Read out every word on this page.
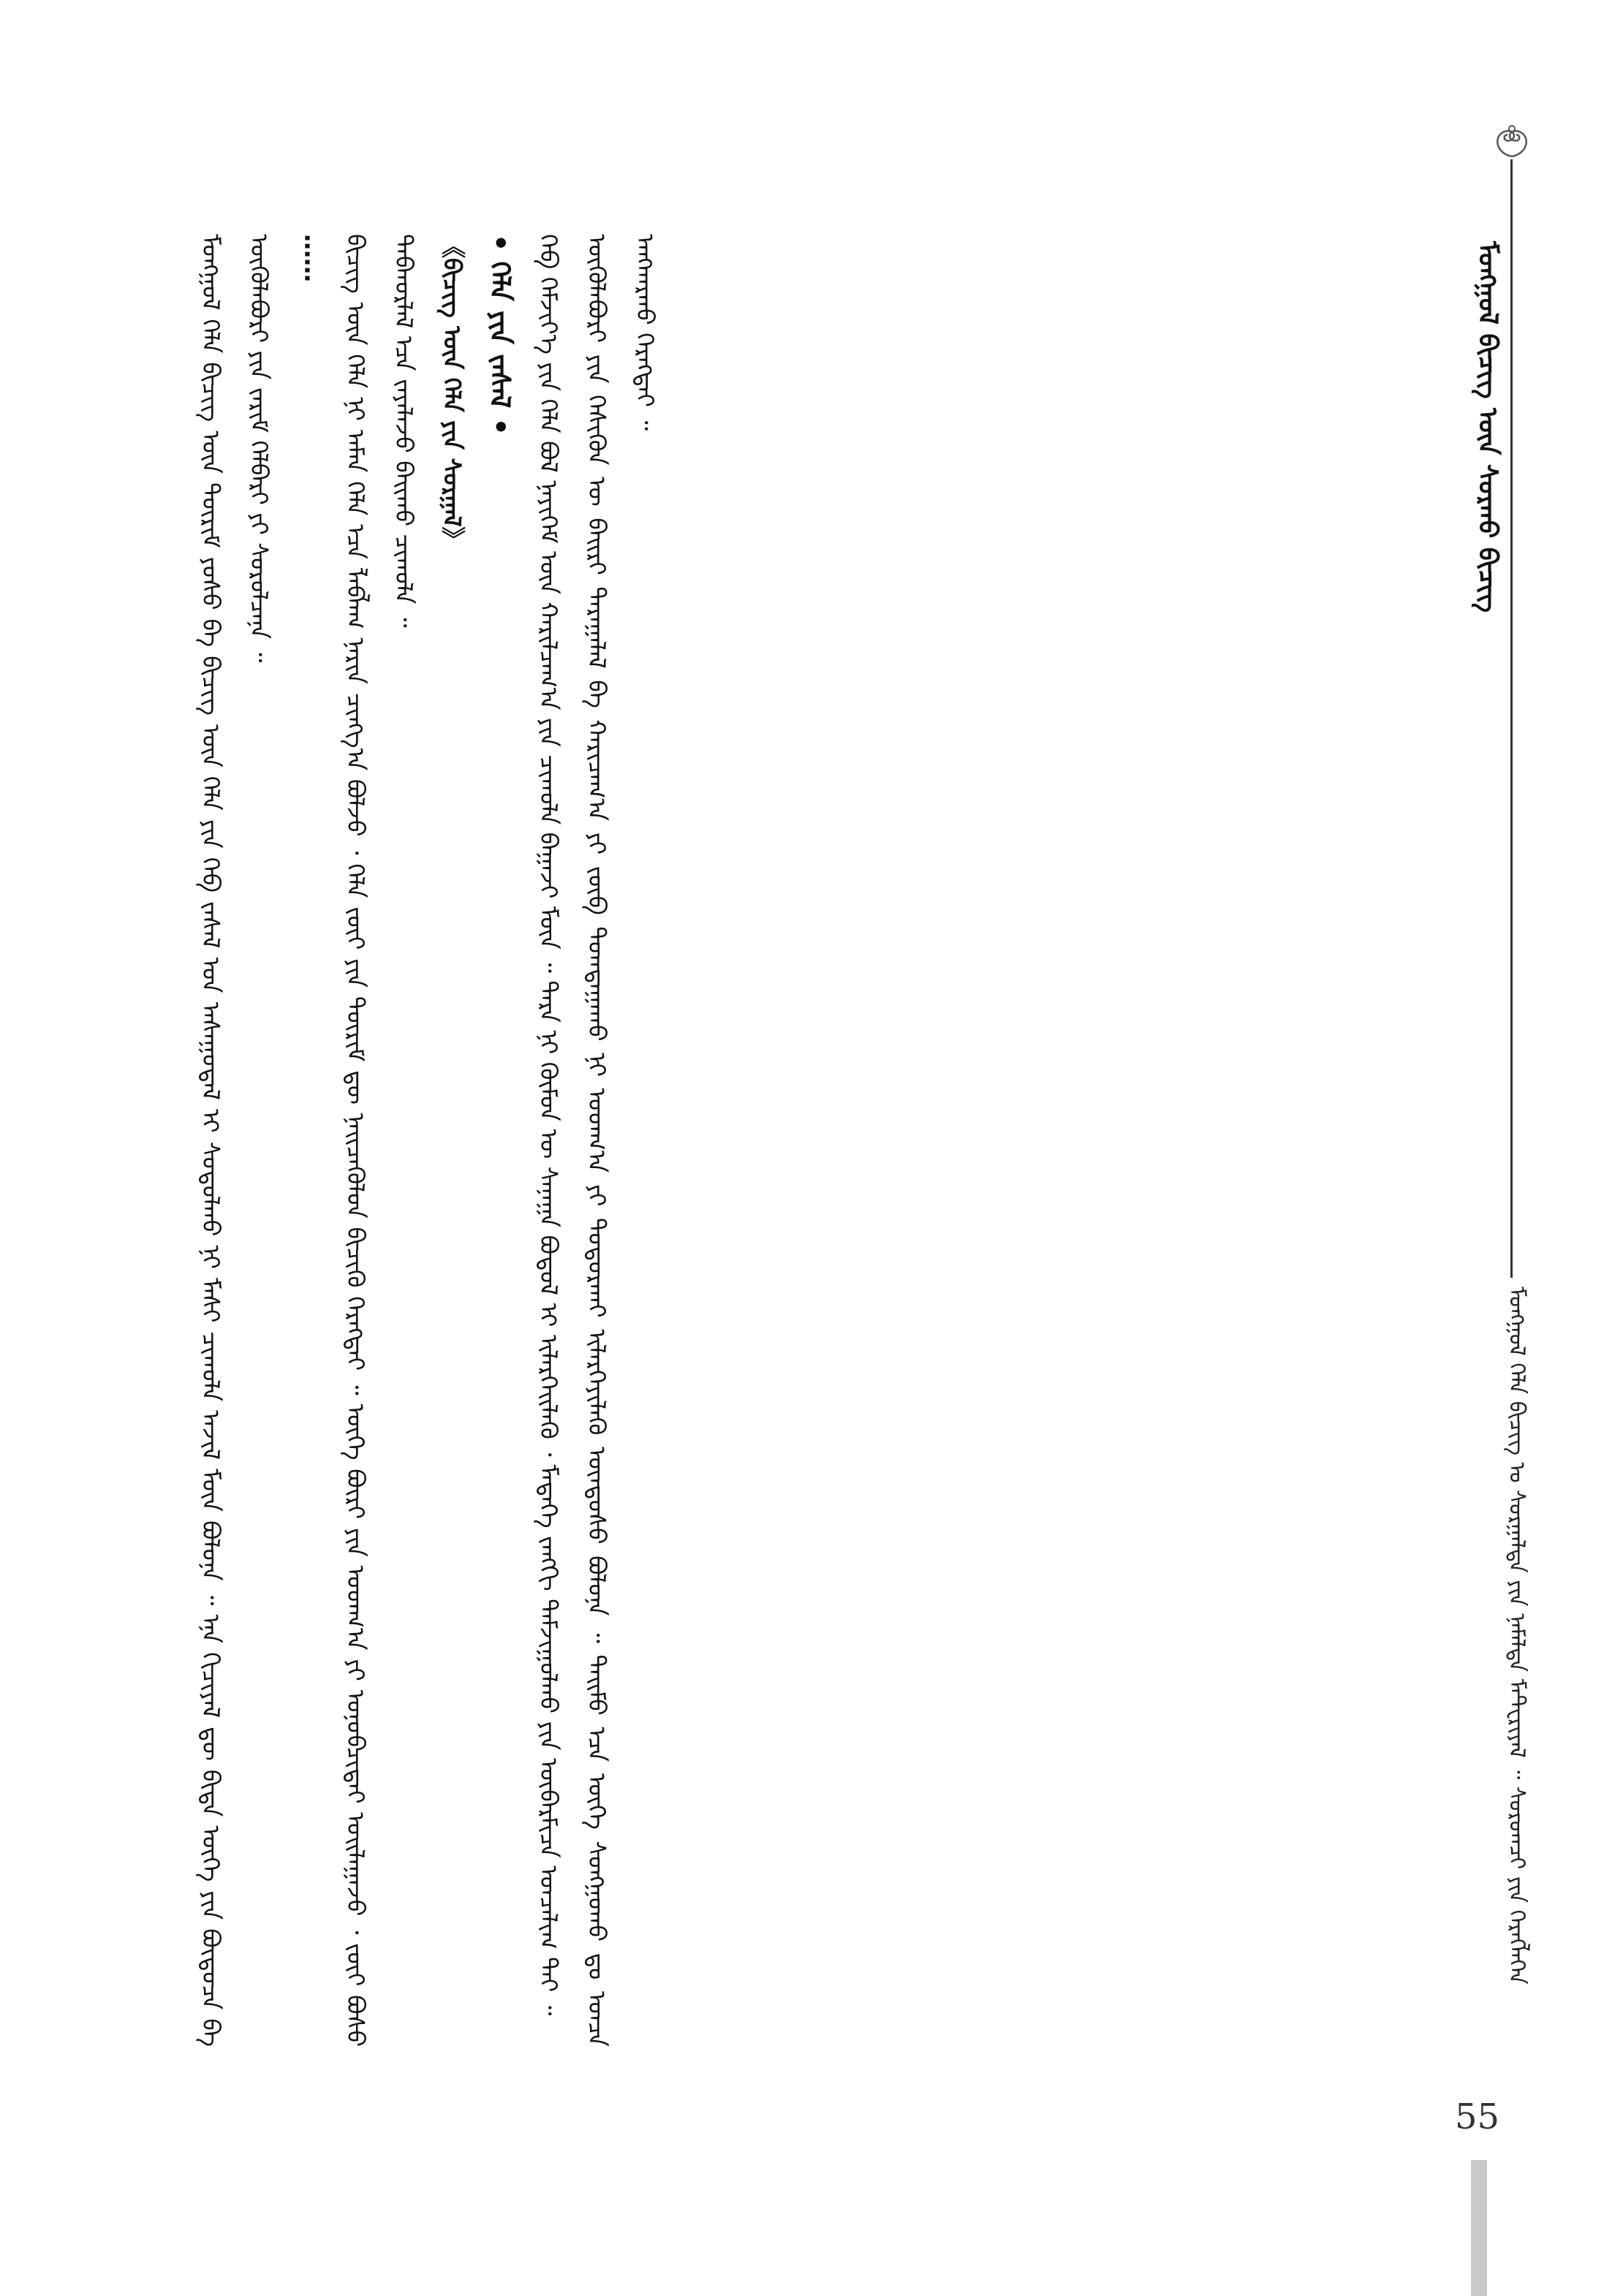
ᠮᠣᠩᠭᠣᠯ ᠪᠢᠴᠢᠭ ᠦᠨ ᠰᠤᠷᠬᠤ ᠪᠢᠴᠢᠭ
ᠮᠣᠩᠭᠣᠯ ᠬᠡᠯᠡ ᠪᠢᠴᠢᠭ ᠤ ᠰᠤᠷᠭᠠᠯᠲᠠ ᠶᠢᠨ ᠨᠡᠮᠡᠯᠲᠡ ᠮᠠᠲ᠋ᠧᠷᠢᠶᠠᠯ ᠃ ᠰᠤᠷᠤᠭᠴᠢ ᠶᠢᠨ ᠬᠡᠷᠡᠭᠯᠡᠭᠡᠨ

ᠮᠣᠩᠭᠣᠯ ᠬᠡᠯᠡ ᠪᠢᠴᠢᠭ ᠦᠨ ᠳᠦᠷᠢᠮ ᠶᠣᠰᠣ ᠪᠠ ᠪᠢᠴᠢᠭ ᠦᠨ ᠬᠡᠯᠡ ᠶᠢᠨ ᠬᠡᠪ ᠵᠠᠰᠠᠯ ᠤᠨ ᠠᠰᠠᠭᠤᠳᠠᠯ ᠢ ᠰᠤᠳᠤᠯᠬᠤ ᠨᠢ ᠮᠠᠰᠢ ᠴᠢᠬᠤᠯᠠ ᠠᠵᠢᠯ ᠮᠥᠨ ᠪᠣᠯᠤᠨᠠ ᠃ ᠡᠨᠡ ᠬᠢᠴᠢᠶᠡᠯ ᠳᠦ ᠪᠢᠳᠡ ᠦᠭᠡ ᠶᠢᠨ ᠪᠦᠲᠦᠴᠡ ᠪᠠ ᠦᠭᠦᠯᠡᠪᠦᠷᠢ ᠶᠢᠨ ᠵᠠᠷᠢᠮ ᠬᠡᠯᠪᠡᠷᠢ ᠶᠢ ᠰᠤᠷᠤᠯᠴᠠᠨᠠ ᠃ ⋯⋯ ᠪᠢᠴᠢᠭ ᠦᠨ ᠬᠡᠯᠡ ᠨᠢ ᠠᠮᠠᠨ ᠬᠡᠯᠡ ᠡᠴᠡ ᠯᠠᠪᠯᠠᠭ ᠨᠠᠷᠢᠨ ᠴᠢᠩᠭ᠎ᠠ ᠪᠣᠯᠵᠤ ᠂ ᠬᠡᠯᠡ ᠵᠦᠢ ᠶᠢᠨ ᠳᠦᠷᠢᠮ ᠳᠦ ᠨᠡᠢᠴᠡᠭᠦᠯᠦᠨ ᠪᠢᠴᠢᠬᠦ ᠬᠡᠷᠡᠭᠲᠡᠢ ᠃ ᠦᠭᠡ ᠪᠦᠷᠢ ᠶᠢᠨ ᠤᠳᠬ᠎ᠠ ᠶᠢ ᠣᠨᠣᠪᠴᠢᠲᠠᠢ ᠣᠢᠯᠠᠭᠠᠵᠤ ᠂ ᠵᠦᠢ ᠪᠤᠰᠤ ᠳᠠᠪᠬᠤᠷᠯᠠᠯ ᠡᠴᠡ ᠵᠠᠶᠠᠯᠠᠵᠤ ᠪᠠᠢᠬᠤ ᠴᠢᠬᠤᠯᠠ ᠃ 《ᠪᠢᠴᠢᠭ ᠦᠨ ᠬᠡᠯᠡ ᠶᠢᠨ ᠰᠤᠷᠭᠠᠯ》

• ᠬᠡᠯᠡ ᠶᠢᠨ ᠵᠠᠰᠠᠯ • ᠬᠡᠪ ᠬᠡᠮᠵᠢᠶ᠎ᠡ ᠶᠢᠨ ᠬᠡᠯᠡ ᠪᠣᠯ ᠨᠡᠶᠢᠭᠡᠮ ᠦᠨ ᠬᠠᠷᠢᠯᠴᠠᠭ᠎ᠠ ᠶᠢᠨ ᠴᠢᠬᠤᠯᠠ ᠪᠠᠭᠠᠵᠢ ᠮᠥᠨ ᠃ ᠲᠡᠷᠡ ᠨᠢ ᠬᠦᠮᠦᠨ ᠦ ᠰᠠᠨᠠᠭᠠ ᠪᠣᠳᠤᠯ ᠢ ᠢᠯᠡᠷᠬᠡᠢᠯᠡᠬᠦ ᠂ ᠮᠡᠳᠡᠭᠡ ᠵᠠᠩᠭᠢ ᠳᠠᠮᠵᠢᠭᠤᠯᠬᠤ ᠶᠢᠨ ᠥᠪᠡᠷᠮᠢᠴᠡ ᠣᠨᠴᠠᠯᠢᠭ ᠲᠠᠢ ᠃ ᠦᠭᠦᠯᠡᠪᠦᠷᠢ ᠶᠢᠨ ᠭᠡᠰᠢᠭᠦᠨ ᠦ ᠪᠠᠢᠷᠢ ᠳᠠᠷᠠᠭᠠᠯᠠᠯ ᠪᠠ ᠬᠠᠷᠢᠴᠠᠭ᠎ᠠ ᠶᠢ ᠵᠥᠪ ᠲᠣᠭᠲᠠᠭᠠᠬᠤ ᠨᠢ ᠤᠳᠬ᠎ᠠ ᠶᠢ ᠲᠣᠳᠣᠷᠬᠠᠢ ᠢᠯᠡᠷᠬᠡᠶᠢᠯᠡᠬᠦ ᠦᠨᠳᠦᠰᠦ ᠪᠣᠯᠤᠨᠠ ᠃ ᠲᠡᠢᠮᠦ ᠡᠴᠡ ᠦᠭᠡ ᠰᠣᠩᠭᠣᠬᠤ ᠳᠤ ᠣᠨᠴᠠ ᠠᠩᠬᠠᠷᠬᠤ ᠬᠡᠷᠡᠭᠲᠡᠢ ᠃

55
